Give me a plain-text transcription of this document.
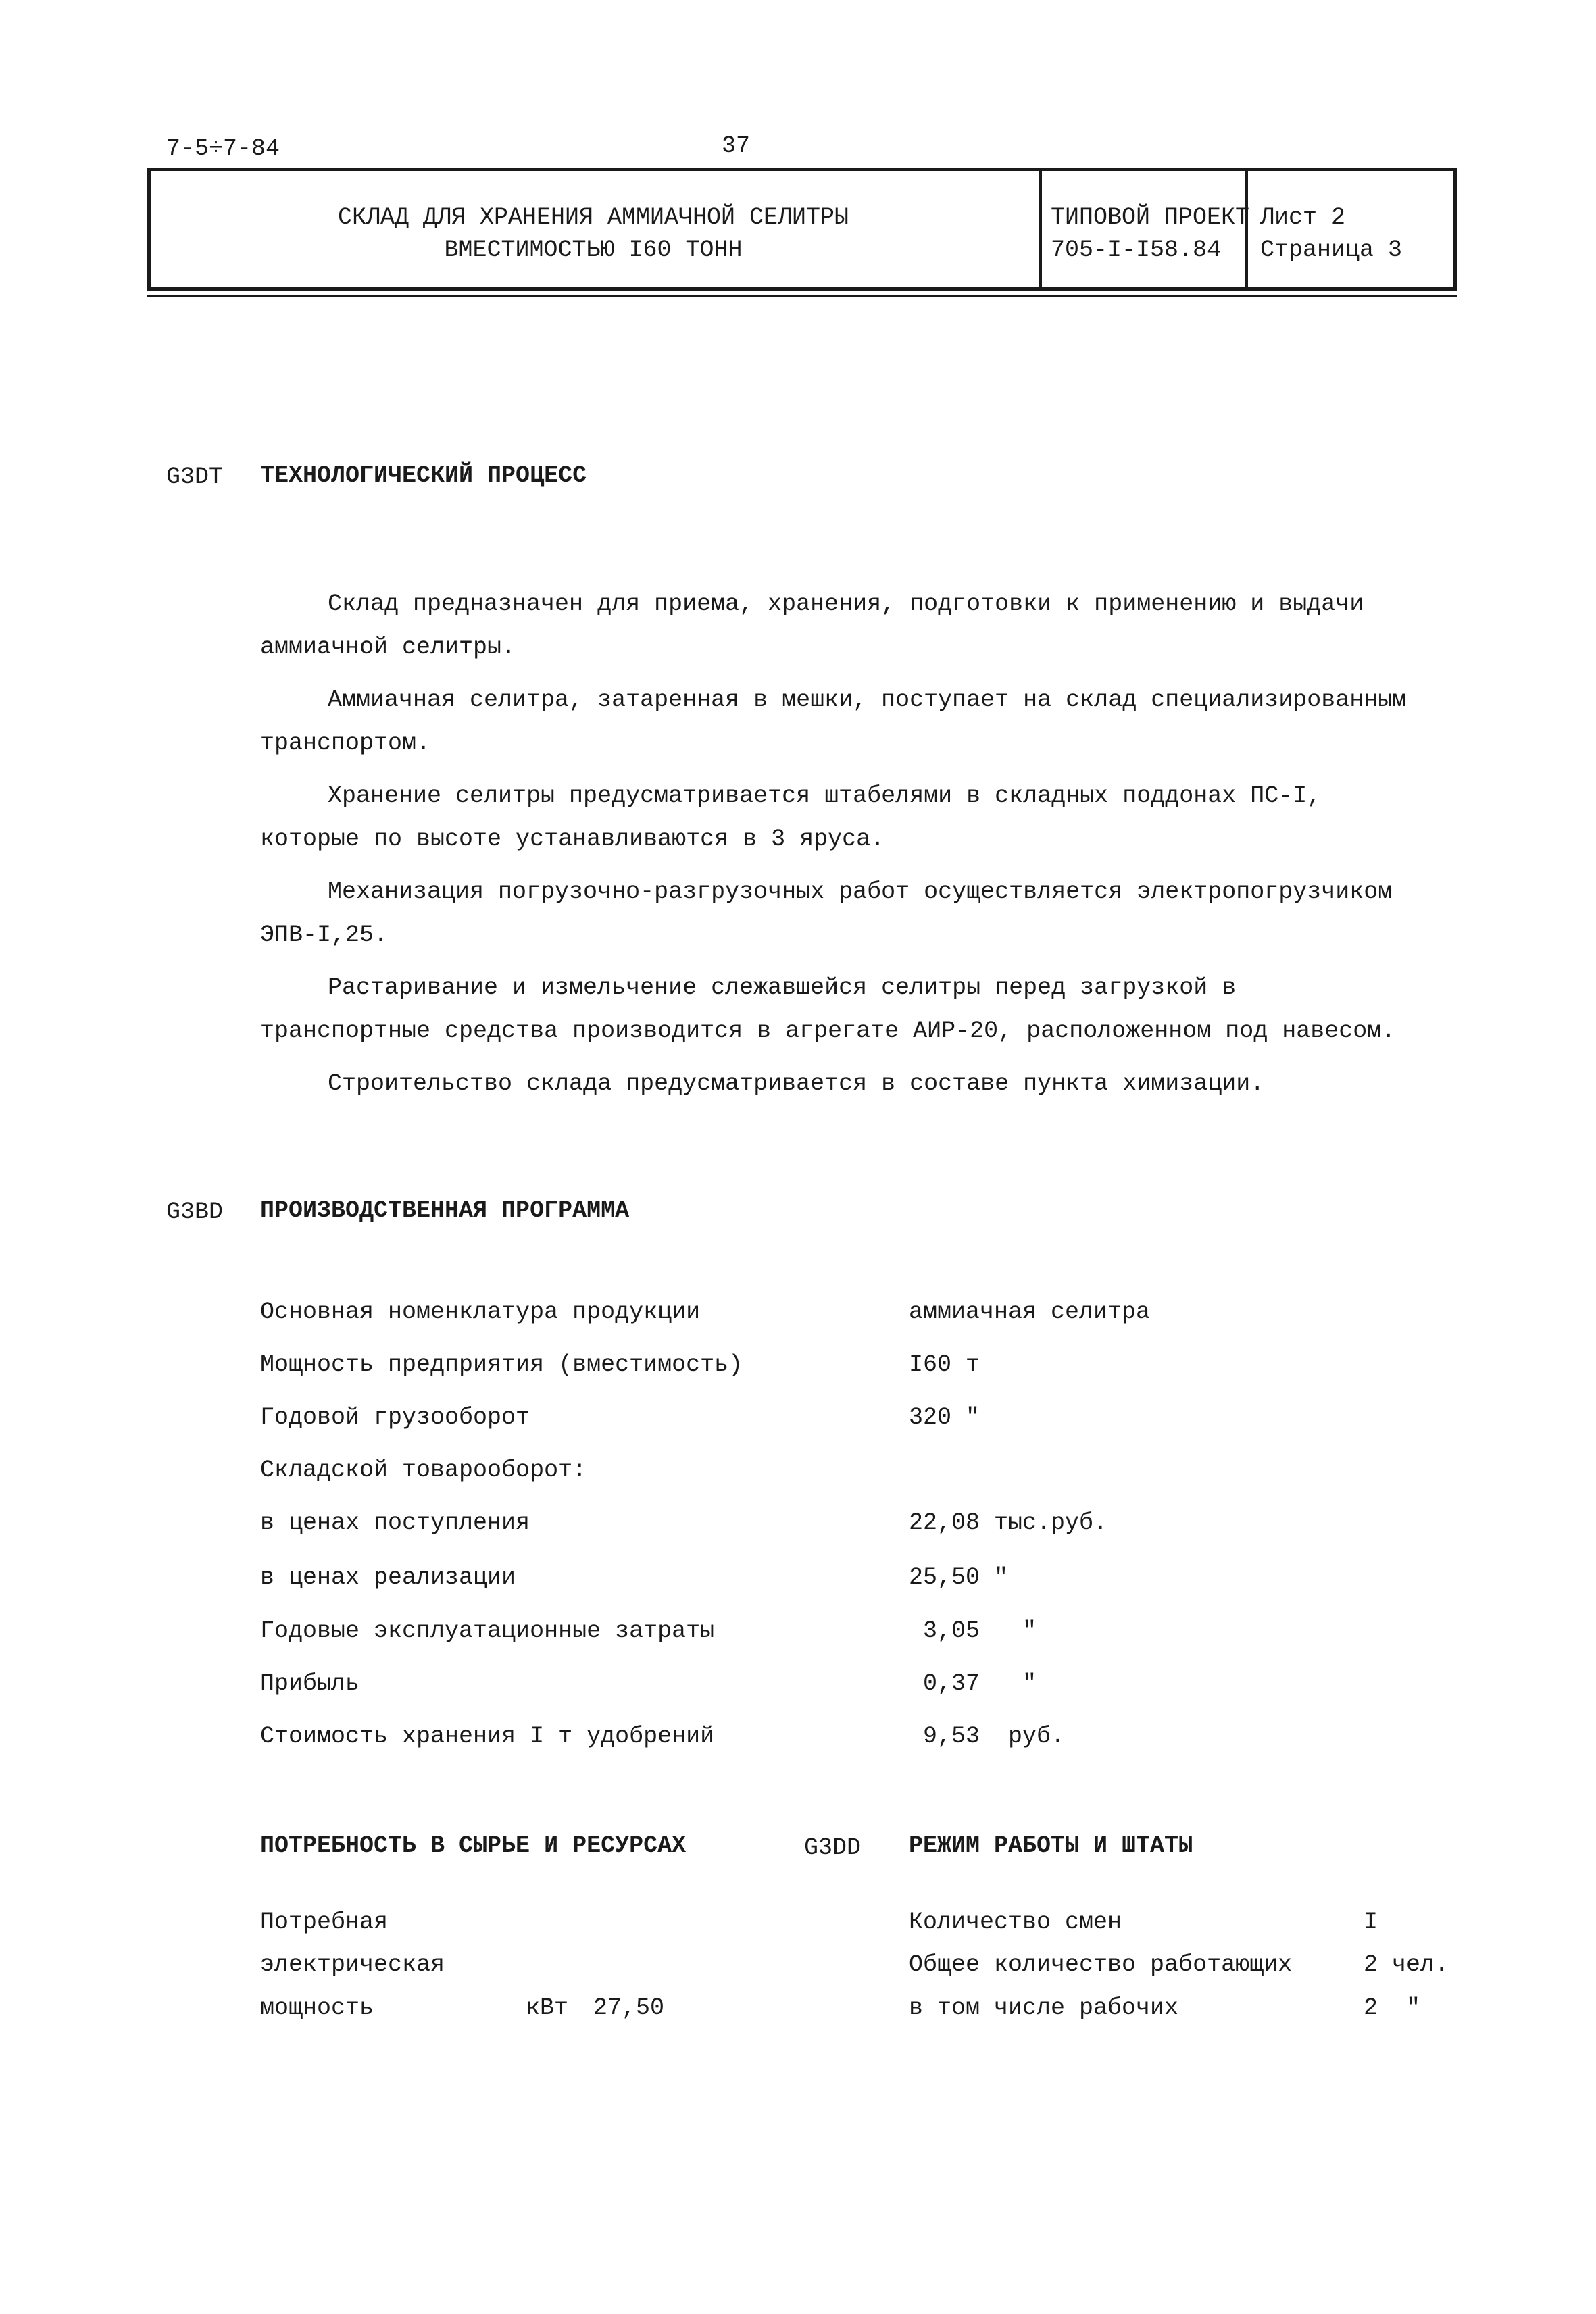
7-5÷7-84	37
СКЛАД ДЛЯ ХРАНЕНИЯ АММИАЧНОЙ СЕЛИТРЫ
ВМЕСТИМОСТЬЮ I60 ТОНН
ТИПОВОЙ ПРОЕКТ
705-I-I58.84
Лист 2
Страница 3
G3DT ТЕХНОЛОГИЧЕСКИЙ ПРОЦЕСС

Склад предназначен для приема, хранения, подготовки к применению и выдачи аммиачной селитры.

Аммиачная селитра, затаренная в мешки, поступает на склад специализированным транспортом.

Хранение селитры предусматривается штабелями в складных поддонах ПС-I, которые по высоте устанавливаются в 3 яруса.

Механизация погрузочно-разгрузочных работ осуществляется электропогрузчиком ЭПВ-I,25.

Растаривание и измельчение слежавшейся селитры перед загрузкой в транспортные средства производится в агрегате АИР-20, расположенном под навесом.

Строительство склада предусматривается в составе пункта химизации.

G3BD ПРОИЗВОДСТВЕННАЯ ПРОГРАММА
Основная номенклатура продукции	аммиачная селитра
Мощность предприятия (вместимость)	I60 т
Годовой грузооборот	320 "
Складской товарооборот:
в ценах поступления	22,08 тыс.руб.
в ценах реализации	25,50 "
Годовые эксплуатационные затраты	3,05   "
Прибыль	0,37   "
Стоимость хранения I т удобрений	9,53  руб.
ПОТРЕБНОСТЬ В СЫРЬЕ И РЕСУРСАХ
Потребная
электрическая
мощность	кВт 27,50
G3DD РЕЖИМ РАБОТЫ И ШТАТЫ
Количество смен	I
Общее количество работающих	2 чел.
в том числе рабочих	2  "
